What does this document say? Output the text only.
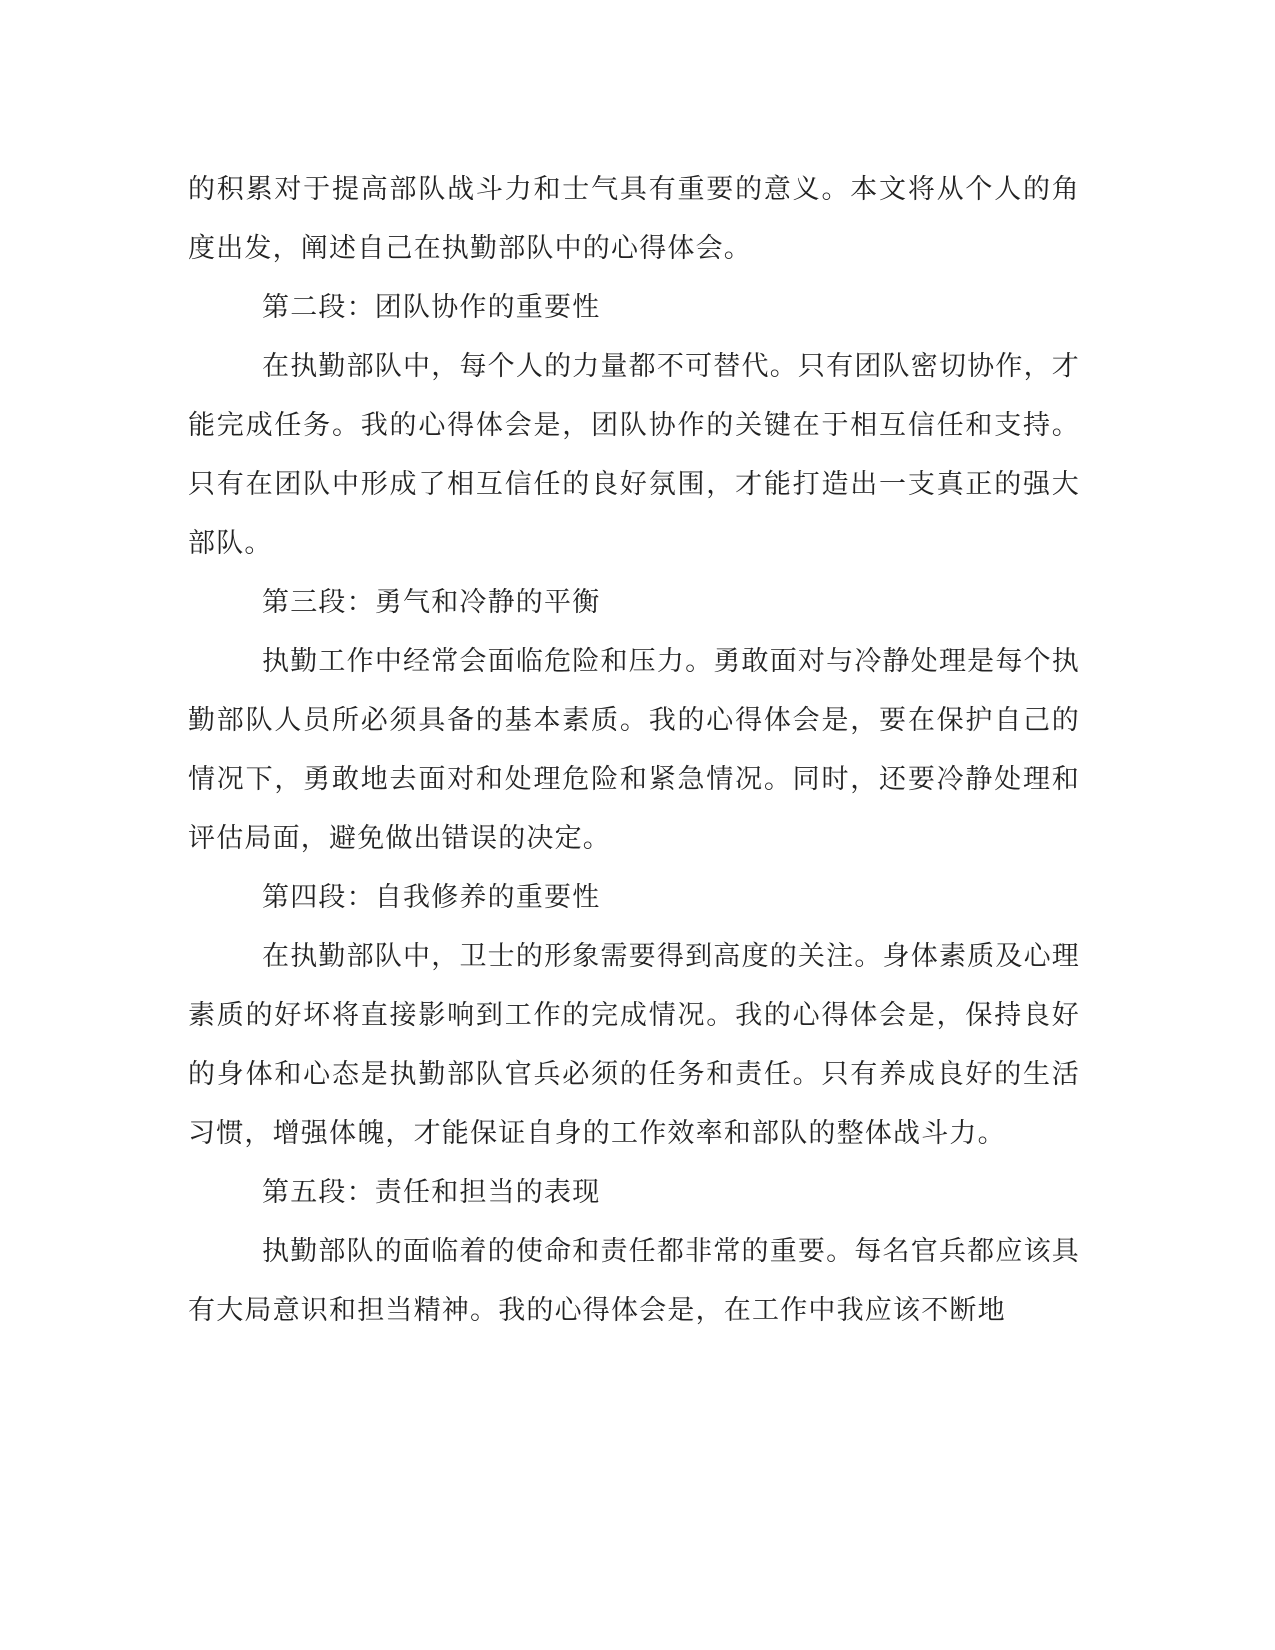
的积累对于提高部队战斗力和士气具有重要的意义。本文将从个人的角度出发，阐述自己在执勤部队中的心得体会。

第二段：团队协作的重要性

在执勤部队中，每个人的力量都不可替代。只有团队密切协作，才能完成任务。我的心得体会是，团队协作的关键在于相互信任和支持。只有在团队中形成了相互信任的良好氛围，才能打造出一支真正的强大部队。

第三段：勇气和冷静的平衡

执勤工作中经常会面临危险和压力。勇敢面对与冷静处理是每个执勤部队人员所必须具备的基本素质。我的心得体会是，要在保护自己的情况下，勇敢地去面对和处理危险和紧急情况。同时，还要冷静处理和评估局面，避免做出错误的决定。

第四段：自我修养的重要性

在执勤部队中，卫士的形象需要得到高度的关注。身体素质及心理素质的好坏将直接影响到工作的完成情况。我的心得体会是，保持良好的身体和心态是执勤部队官兵必须的任务和责任。只有养成良好的生活习惯，增强体魄，才能保证自身的工作效率和部队的整体战斗力。

第五段：责任和担当的表现

执勤部队的面临着的使命和责任都非常的重要。每名官兵都应该具有大局意识和担当精神。我的心得体会是，在工作中我应该不断地
